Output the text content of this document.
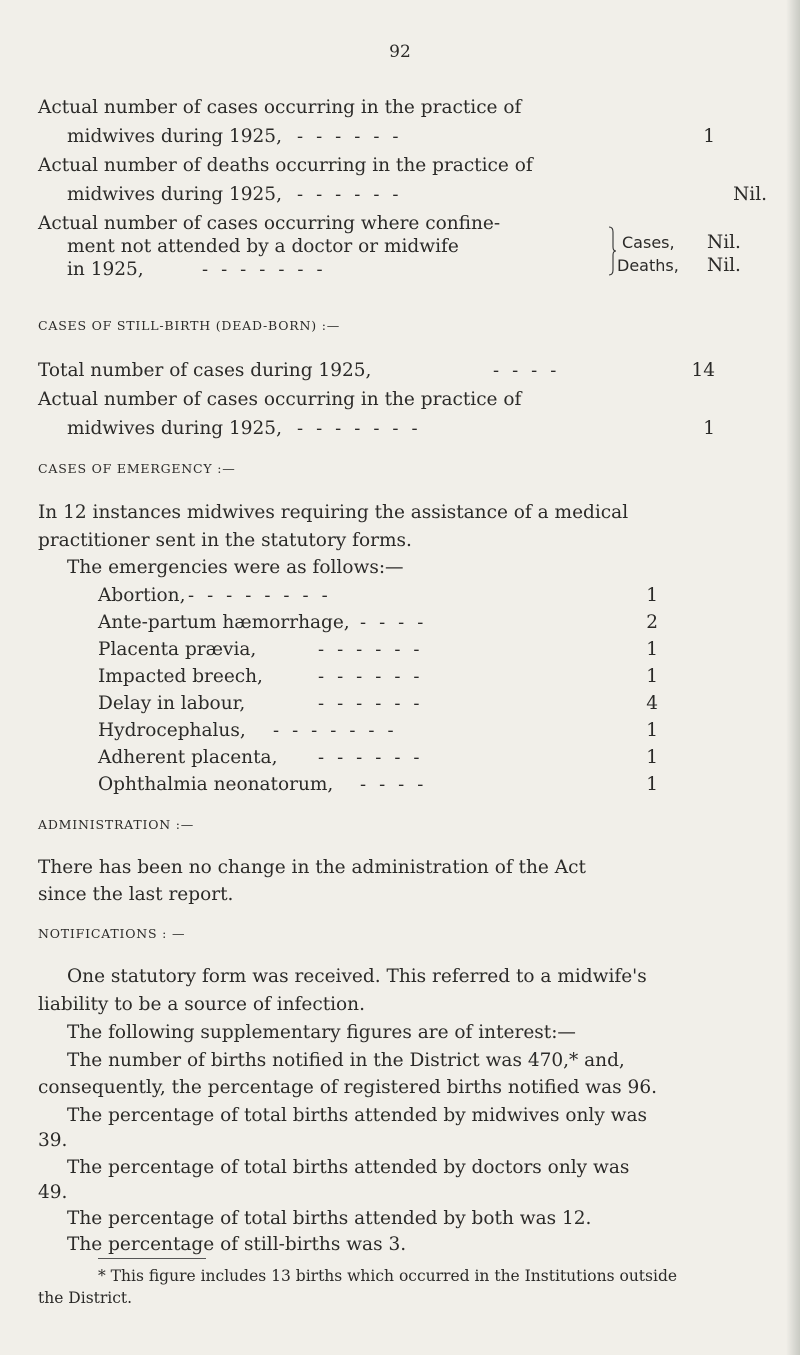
92
Actual number of cases occurring in the practice of
midwives during 1925, ------	1
Actual number of deaths occurring in the practice of
midwives during 1925, ------	Nil.
Actual number of cases occurring where confine-
ment not attended by a doctor or midwife
in 1925,	-------
Cases, Nil.
Deaths, Nil.
CASES OF STILL-BIRTH (DEAD-BORN) :—
Total number of cases during 1925,	----	14
Actual number of cases occurring in the practice of
midwives during 1925, -------	1
CASES OF EMERGENCY :—
In 12 instances midwives requiring the assistance of a medical
practitioner sent in the statutory forms.
The emergencies were as follows:—
Abortion, --------	1
Ante-partum hæmorrhage, ----	2
Placenta prævia,	------	1
Impacted breech,	------	1
Delay in labour,	------	4
Hydrocephalus, -------	1
Adherent placenta, ------	1
Ophthalmia neonatorum, ----	1
ADMINISTRATION :—
There has been no change in the administration of the Act
since the last report.
NOTIFICATIONS : —
One statutory form was received. This referred to a midwife's
liability to be a source of infection.
The following supplementary figures are of interest:—
The number of births notified in the District was 470,* and,
consequently, the percentage of registered births notified was 96.
The percentage of total births attended by midwives only was
39.
The percentage of total births attended by doctors only was
49.
The percentage of total births attended by both was 12.
The percentage of still-births was 3.
* This figure includes 13 births which occurred in the Institutions outside
the District.
